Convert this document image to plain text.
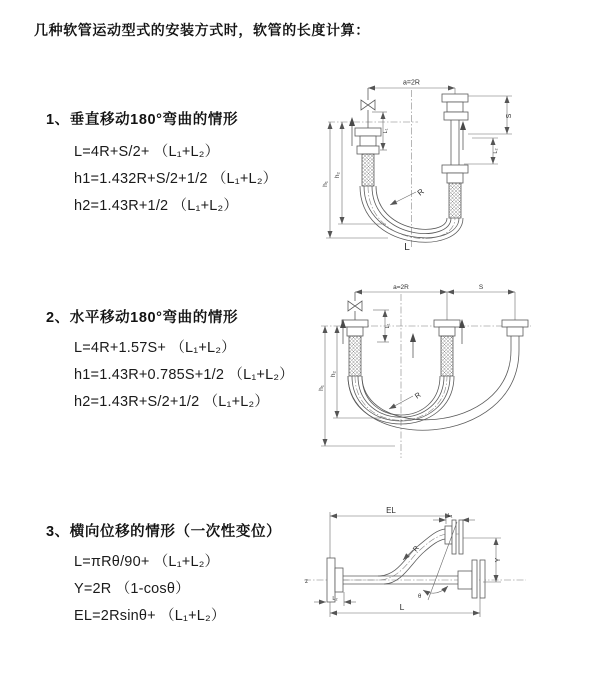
几种软管运动型式的安装方式时，软管的长度计算：
1、垂直移动180°弯曲的情形
L=4R+S/2+ （L₁+L₂）
h1=1.432R+S/2+1/2 （L₁+L₂）
h2=1.43R+1/2 （L₁+L₂）
2、水平移动180°弯曲的情形
L=4R+1.57S+ （L₁+L₂）
h1=1.43R+0.785S+1/2 （L₁+L₂）
h2=1.43R+S/2+1/2 （L₁+L₂）
3、横向位移的情形（一次性变位）
L=πRθ/90+ （L₁+L₂）
Y=2R （1-cosθ）
EL=2Rsinθ+ （L₁+L₂）
a=2R
R
L
h₁
h₂
L₁
S
L₂
a=2R	S
R
h₁
h₂
L₁
z
EL
R
θ
L₁
Y
L₂
L
